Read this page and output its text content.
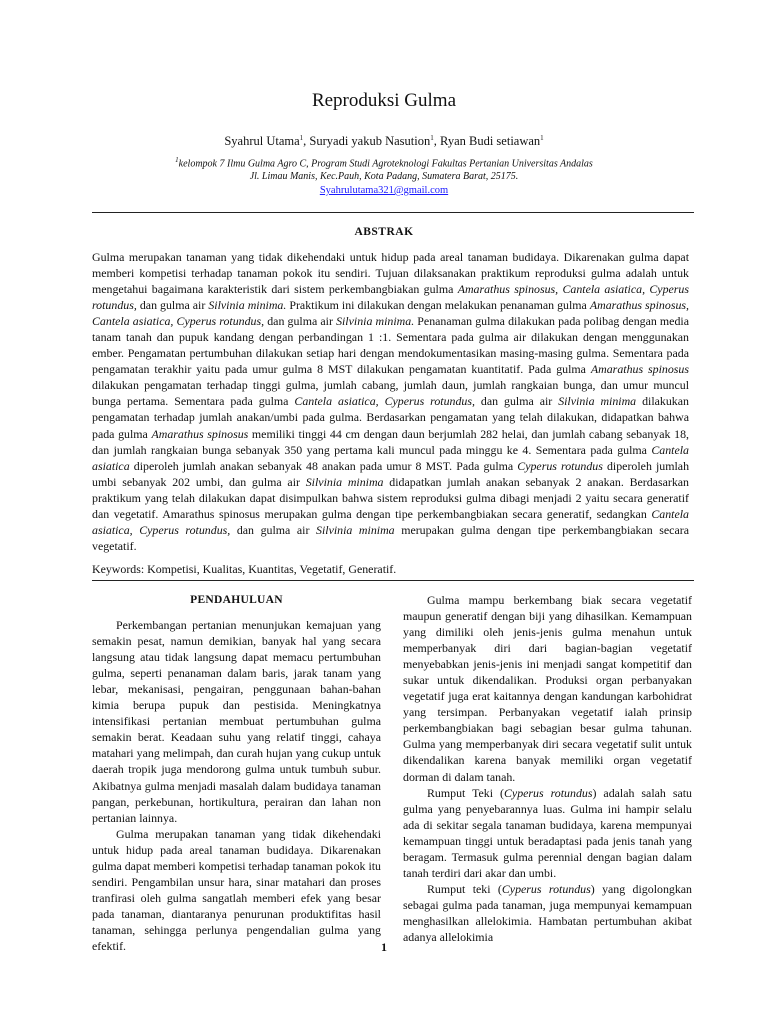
Reproduksi Gulma
Syahrul Utama$^1$, Suryadi yakub Nasution$^1$, Ryan Budi setiawan$^1$
$^1$kelompok 7 Ilmu Gulma Agro C, Program Studi Agroteknologi Fakultas Pertanian Universitas Andalas
Jl. Limau Manis, Kec.Pauh, Kota Padang, Sumatera Barat, 25175.
Syahrulutama321@gmail.com
ABSTRAK

Gulma merupakan tanaman yang tidak dikehendaki untuk hidup pada areal tanaman budidaya. Dikarenakan gulma dapat memberi kompetisi terhadap tanaman pokok itu sendiri. Tujuan dilaksanakan praktikum reproduksi gulma adalah untuk mengetahui bagaimana karakteristik dari sistem perkembangbiakan gulma Amarathus spinosus, Cantela asiatica, Cyperus rotundus, dan gulma air Silvinia minima. Praktikum ini dilakukan dengan melakukan penanaman gulma Amarathus spinosus, Cantela asiatica, Cyperus rotundus, dan gulma air Silvinia minima. Penanaman gulma dilakukan pada polibag dengan media tanam tanah dan pupuk kandang dengan perbandingan 1 :1. Sementara pada gulma air dilakukan dengan menggunakan ember. Pengamatan pertumbuhan dilakukan setiap hari dengan mendokumentasikan masing-masing gulma. Sementara pada pengamatan terakhir yaitu pada umur gulma 8 MST dilakukan pengamatan kuantitatif. Pada gulma Amarathus spinosus dilakukan pengamatan terhadap tinggi gulma, jumlah cabang, jumlah daun, jumlah rangkaian bunga, dan umur muncul bunga pertama. Sementara pada gulma Cantela asiatica, Cyperus rotundus, dan gulma air Silvinia minima dilakukan pengamatan terhadap jumlah anakan/umbi pada gulma. Berdasarkan pengamatan yang telah dilakukan, didapatkan bahwa pada gulma Amarathus spinosus memiliki tinggi 44 cm dengan daun berjumlah 282 helai, dan jumlah cabang sebanyak 18, dan jumlah rangkaian bunga sebanyak 350 yang pertama kali muncul pada minggu ke 4. Sementara pada gulma Cantela asiatica diperoleh jumlah anakan sebanyak 48 anakan pada umur 8 MST. Pada gulma Cyperus rotundus diperoleh jumlah umbi sebanyak 202 umbi, dan gulma air Silvinia minima didapatkan jumlah anakan sebanyak 2 anakan. Berdasarkan praktikum yang telah dilakukan dapat disimpulkan bahwa sistem reproduksi gulma dibagi menjadi 2 yaitu secara generatif dan vegetatif. Amarathus spinosus merupakan gulma dengan tipe perkembangbiakan secara generatif, sedangkan Cantela asiatica, Cyperus rotundus, dan gulma air Silvinia minima merupakan gulma dengan tipe perkembangbiakan secara vegetatif.

Keywords: Kompetisi, Kualitas, Kuantitas, Vegetatif, Generatif.
PENDAHULUAN

Perkembangan pertanian menunjukan kemajuan yang semakin pesat, namun demikian, banyak hal yang secara langsung atau tidak langsung dapat memacu pertumbuhan gulma, seperti penanaman dalam baris, jarak tanam yang lebar, mekanisasi, pengairan, penggunaan bahan-bahan kimia berupa pupuk dan pestisida. Meningkatnya intensifikasi pertanian membuat pertumbuhan gulma semakin berat. Keadaan suhu yang relatif tinggi, cahaya matahari yang melimpah, dan curah hujan yang cukup untuk daerah tropik juga mendorong gulma untuk tumbuh subur. Akibatnya gulma menjadi masalah dalam budidaya tanaman pangan, perkebunan, hortikultura, perairan dan lahan non pertanian lainnya.

Gulma merupakan tanaman yang tidak dikehendaki untuk hidup pada areal tanaman budidaya. Dikarenakan gulma dapat memberi kompetisi terhadap tanaman pokok itu sendiri. Pengambilan unsur hara, sinar matahari dan proses tranfirasi oleh gulma sangatlah memberi efek yang besar pada tanaman, diantaranya penurunan produktifitas hasil tanaman, sehingga perlunya pengendalian gulma yang efektif.

Gulma mampu berkembang biak secara vegetatif maupun generatif dengan biji yang dihasilkan. Kemampuan yang dimiliki oleh jenis-jenis gulma menahun untuk memperbanyak diri dari bagian-bagian vegetatif menyebabkan jenis-jenis ini menjadi sangat kompetitif dan sukar untuk dikendalikan. Produksi organ perbanyakan vegetatif juga erat kaitannya dengan kandungan karbohidrat yang tersimpan. Perbanyakan vegetatif ialah prinsip perkembangbiakan bagi sebagian besar gulma tahunan. Gulma yang memperbanyak diri secara vegetatif sulit untuk dikendalikan karena banyak memiliki organ vegetatif dorman di dalam tanah.

Rumput Teki (Cyperus rotundus) adalah salah satu gulma yang penyebarannya luas. Gulma ini hampir selalu ada di sekitar segala tanaman budidaya, karena mempunyai kemampuan tinggi untuk beradaptasi pada jenis tanah yang beragam. Termasuk gulma perennial dengan bagian dalam tanah terdiri dari akar dan umbi.

Rumput teki (Cyperus rotundus) yang digolongkan sebagai gulma pada tanaman, juga mempunyai kemampuan menghasilkan allelokimia. Hambatan pertumbuhan akibat adanya allelokimia

1
